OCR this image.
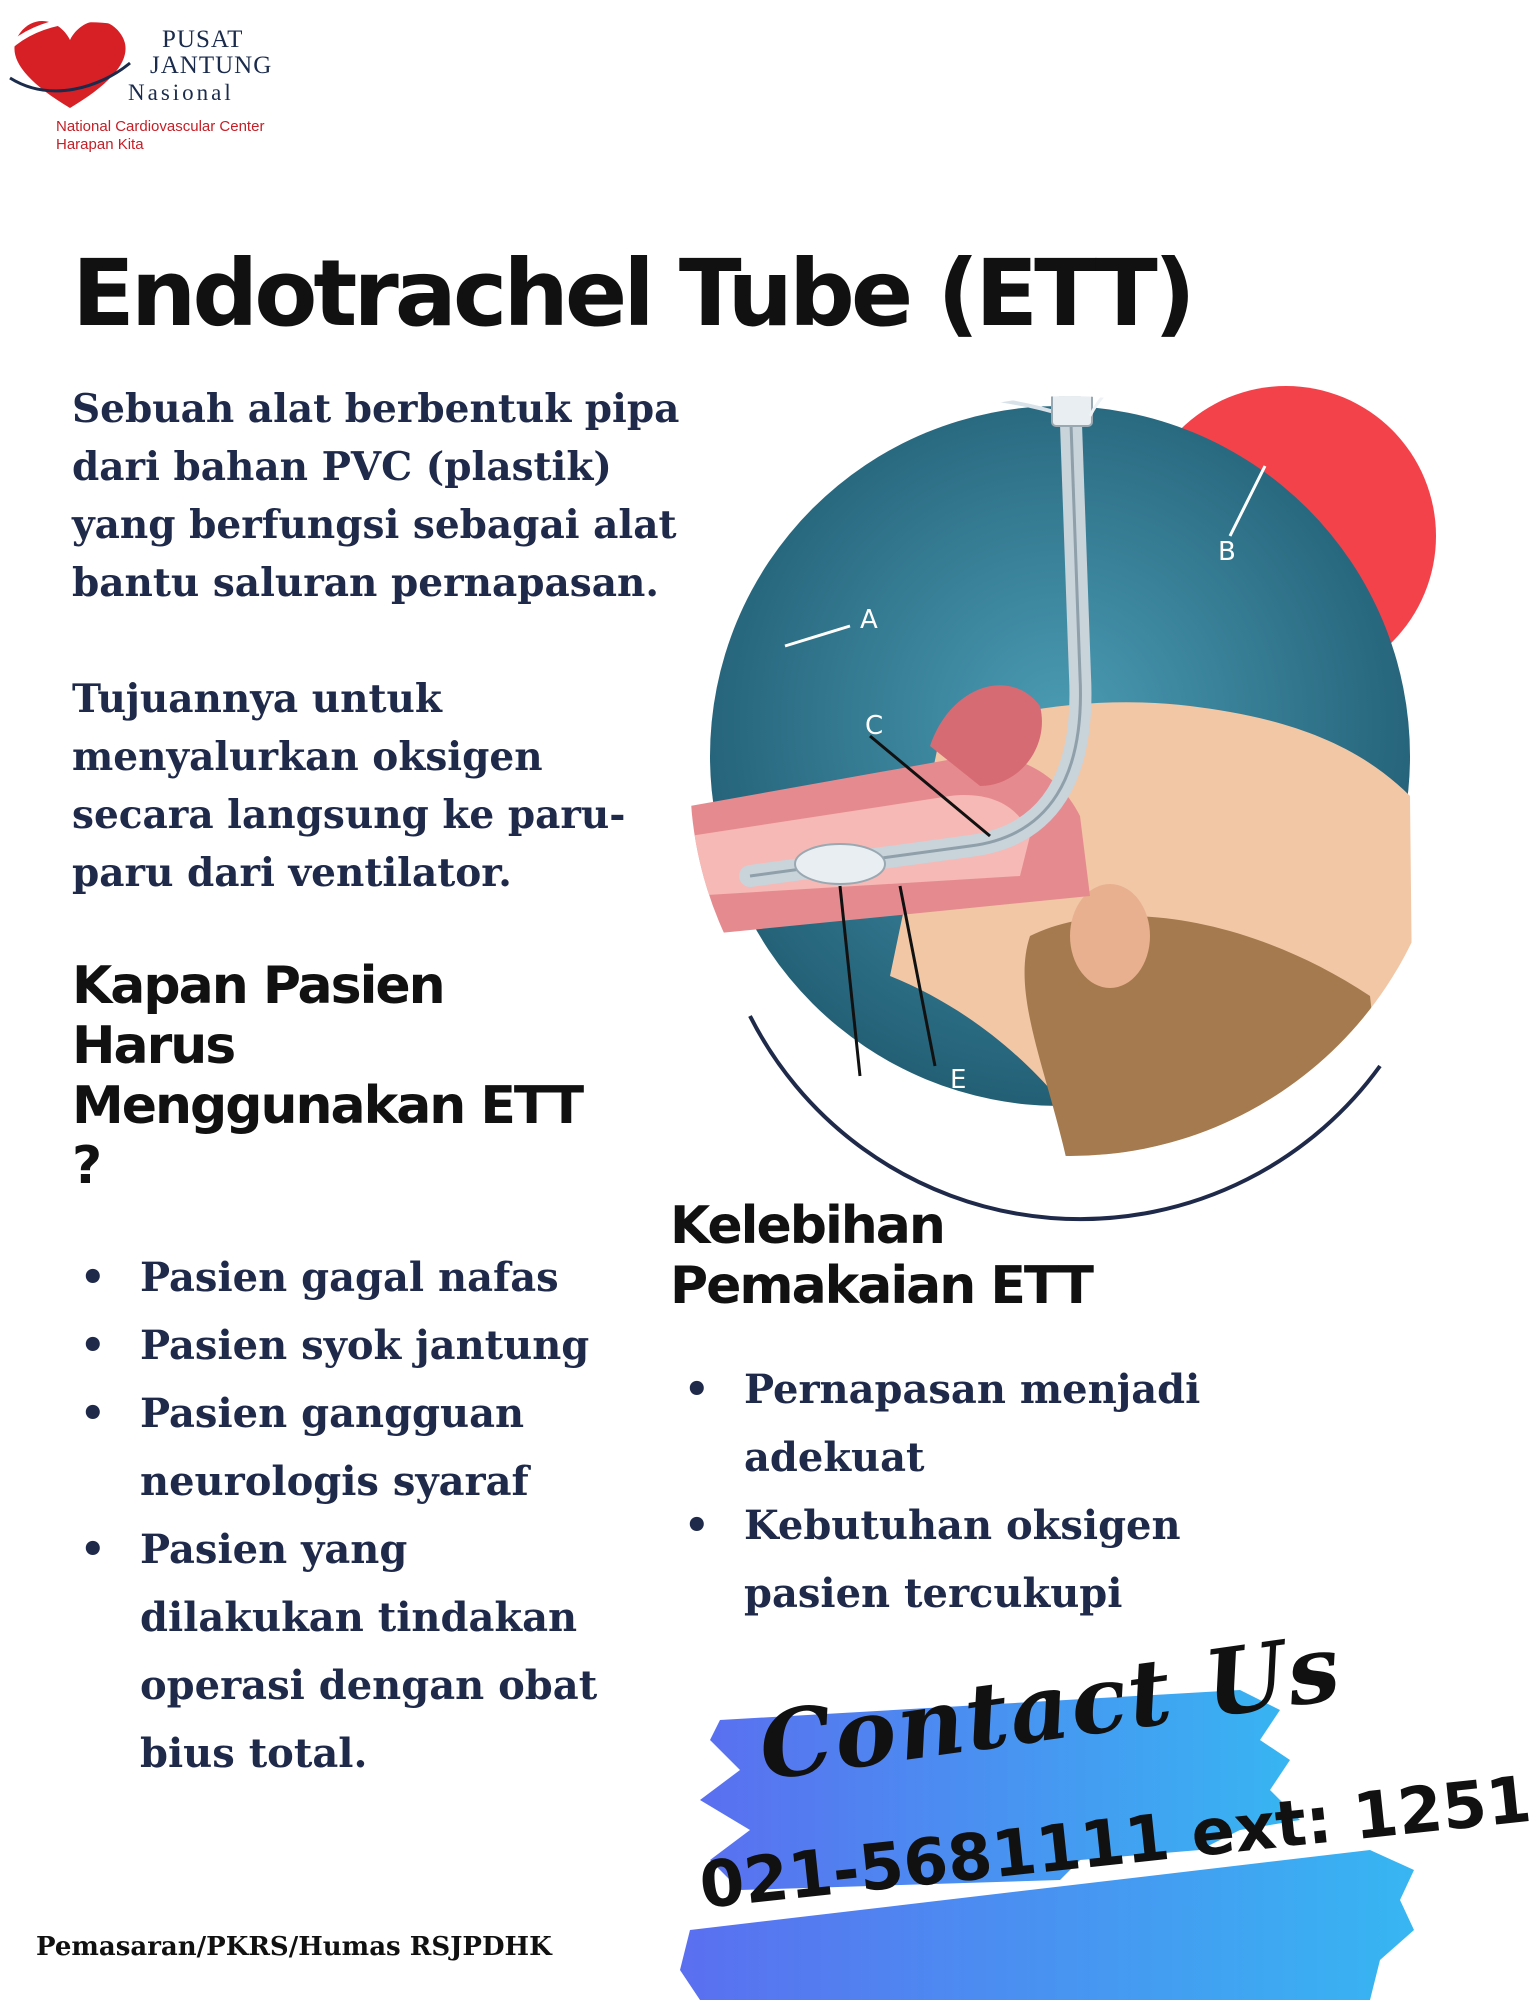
PUSAT
JANTUNG
Nasional
National Cardiovascular Center
Harapan Kita
Endotrachel Tube (ETT)

Sebuah alat berbentuk pipa dari bahan PVC (plastik) yang berfungsi sebagai alat bantu saluran pernapasan.

Tujuannya untuk menyalurkan oksigen secara langsung ke paru-paru dari ventilator.

A
B
C
D E
Kapan Pasien Harus Menggunakan ETT ?
• Pasien gagal nafas
• Pasien syok jantung
• Pasien gangguan neurologis syaraf
• Pasien yang dilakukan tindakan operasi dengan obat bius total.
Kelebihan Pemakaian ETT
• Pernapasan menjadi adekuat
• Kebutuhan oksigen pasien tercukupi

Contact Us

021-5681111 ext: 1251

Pemasaran/PKRS/Humas RSJPDHK
